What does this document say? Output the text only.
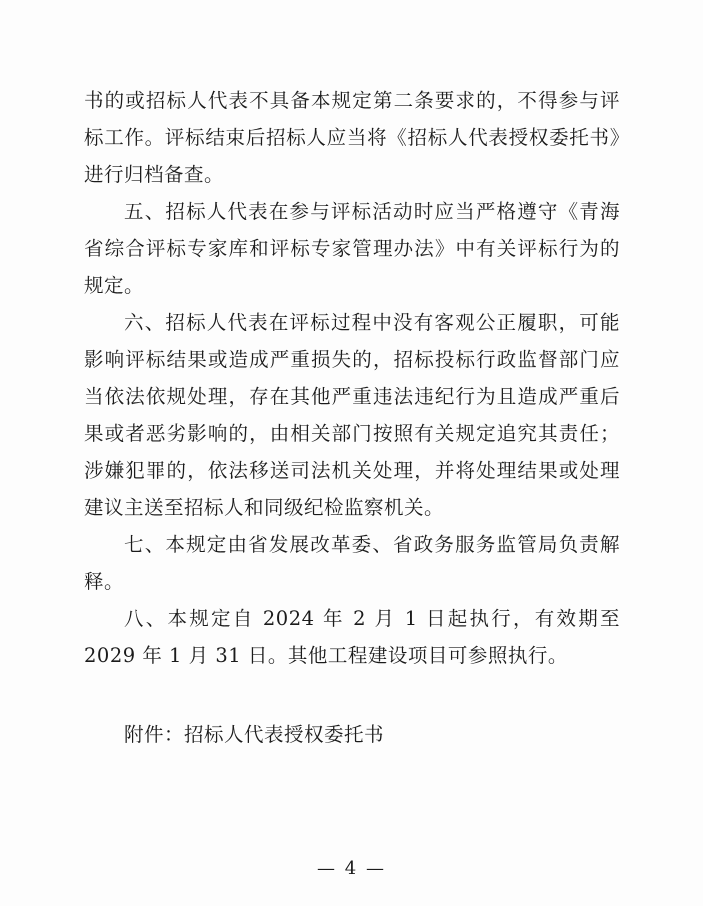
书的或招标人代表不具备本规定第二条要求的，不得参与评标工作。评标结束后招标人应当将《招标人代表授权委托书》进行归档备查。

五、招标人代表在参与评标活动时应当严格遵守《青海省综合评标专家库和评标专家管理办法》中有关评标行为的规定。

六、招标人代表在评标过程中没有客观公正履职，可能影响评标结果或造成严重损失的，招标投标行政监督部门应当依法依规处理，存在其他严重违法违纪行为且造成严重后果或者恶劣影响的，由相关部门按照有关规定追究其责任；涉嫌犯罪的，依法移送司法机关处理，并将处理结果或处理建议主送至招标人和同级纪检监察机关。

七、本规定由省发展改革委、省政务服务监管局负责解释。

八、本规定自 2024 年 2 月 1 日起执行，有效期至 2029 年 1 月 31 日。其他工程建设项目可参照执行。

附件：招标人代表授权委托书

— 4 —
